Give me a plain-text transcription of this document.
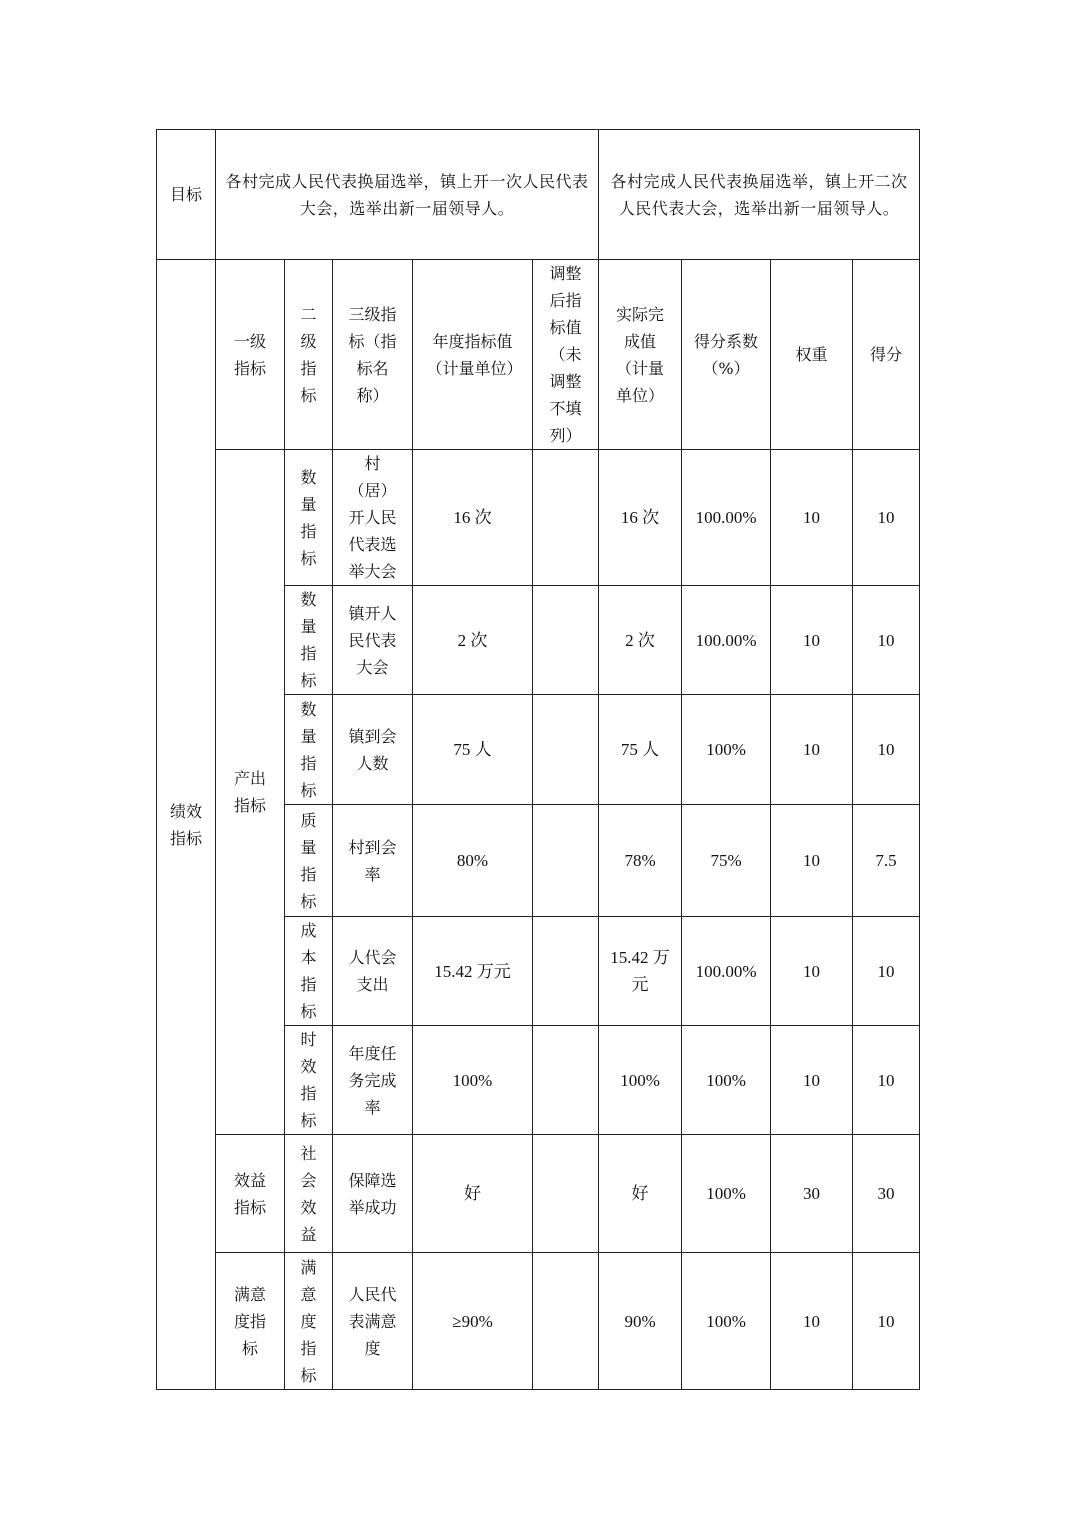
目标	各村完成人民代表换届选举，镇上开一次人民代表大会，选举出新一届领导人。					各村完成人民代表换届选举，镇上开二次人民代表大会，选举出新一届领导人。			

绩效指标	一级指标	二级指标	三级指标（指标名称）	年度指标值（计量单位）	调整后指标值（未调整不填列）	实际完成值（计量单位）	得分系数（%）	权重	得分

	产出指标	数量指标	村（居）开人民代表选举大会	16 次		16 次	100.00%	10	10

		数量指标	镇开人民代表大会	2 次		2 次	100.00%	10	10

		数量指标	镇到会人数	75 人		75 人	100%	10	10

		质量指标	村到会率	80%		78%	75%	10	7.5

		成本指标	人代会支出	15.42 万元		15.42 万元	100.00%	10	10

		时效指标	年度任务完成率	100%		100%	100%	10	10

	效益指标	社会效益	保障选举成功	好		好	100%	30	30

	满意度指标	满意度指标	人民代表满意度	≥90%		90%	100%	10	10
